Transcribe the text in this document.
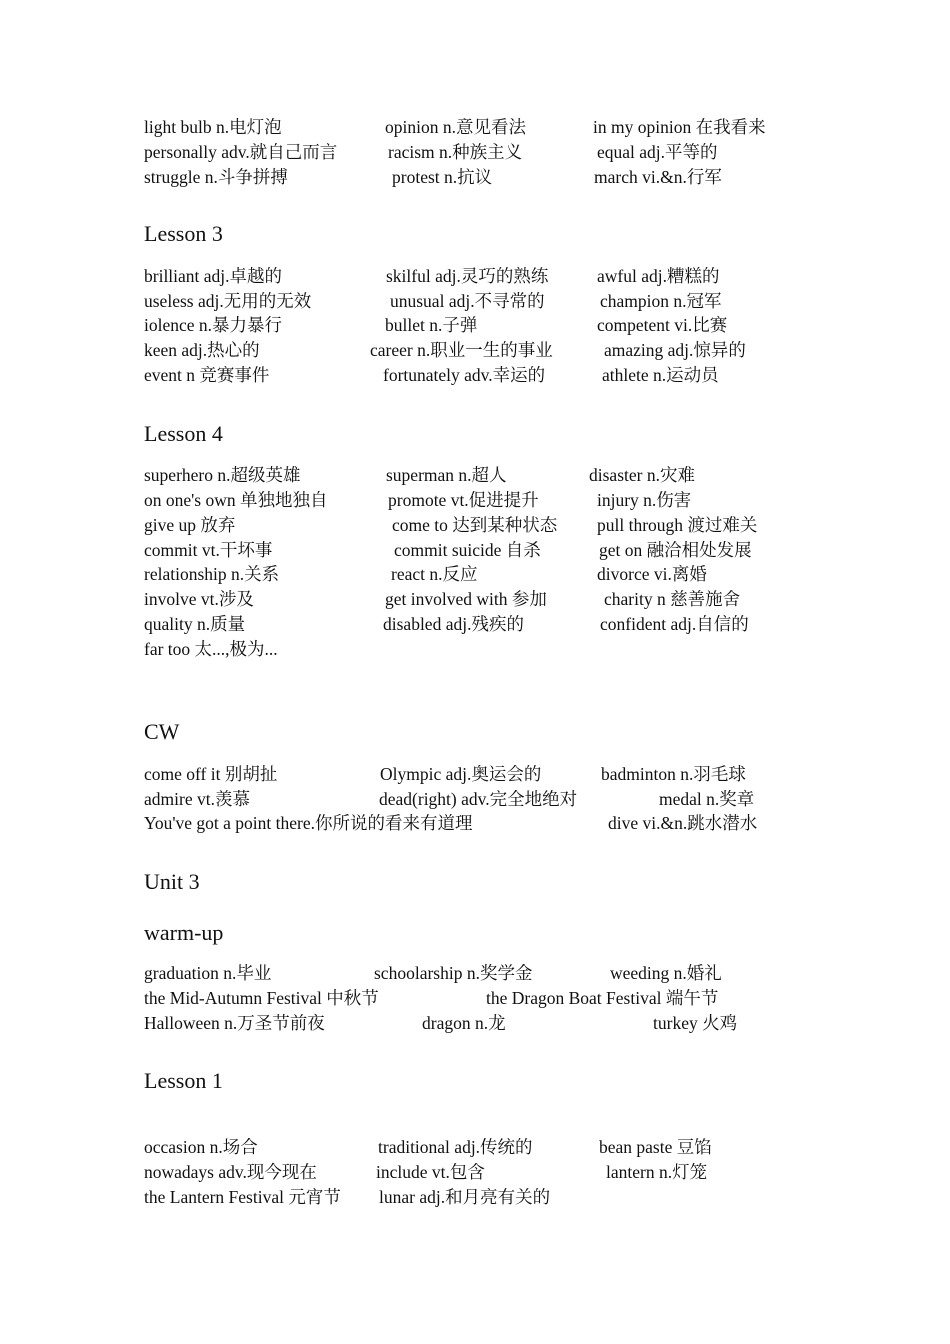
light bulb n.电灯泡	opinion n.意见看法	in my opinion 在我看来
personally adv.就自己而言	racism n.种族主义	equal adj.平等的
struggle n.斗争拼搏	protest n.抗议	march vi.&n.行军
Lesson 3
brilliant adj.卓越的	skilful adj.灵巧的熟练	awful adj.糟糕的
useless adj.无用的无效	unusual adj.不寻常的	champion n.冠军
iolence n.暴力暴行	bullet n.子弹	competent vi.比赛
keen adj.热心的	career n.职业一生的事业	amazing adj.惊异的
event n 竞赛事件	fortunately adv.幸运的	athlete n.运动员
Lesson 4
superhero n.超级英雄	superman n.超人	disaster n.灾难
on one's own 单独地独自	promote vt.促进提升	injury n.伤害
give up 放弃	come to 达到某种状态 pull through 渡过难关
commit vt.干坏事	commit suicide 自杀	get on 融洽相处发展
relationship n.关系	react n.反应	divorce vi.离婚
involve vt.涉及	get involved with 参加	charity n 慈善施舍
quality n.质量	disabled adj.残疾的	confident adj.自信的
far too 太...,极为...
CW
come off it 别胡扯	Olympic adj.奥运会的	badminton n.羽毛球
admire vt.羡慕	dead(right) adv.完全地绝对	medal n.奖章
You've got a point there.你所说的看来有道理	dive vi.&n.跳水潜水
Unit 3
warm-up
graduation n.毕业	schoolarship n.奖学金	weeding n.婚礼
the Mid-Autumn Festival 中秋节	the Dragon Boat Festival 端午节
Halloween n.万圣节前夜	dragon n.龙	turkey 火鸡
Lesson 1
occasion n.场合	traditional adj.传统的	bean paste 豆馅
nowadays adv.现今现在	include vt.包含	lantern n.灯笼
the Lantern Festival 元宵节 lunar adj.和月亮有关的
